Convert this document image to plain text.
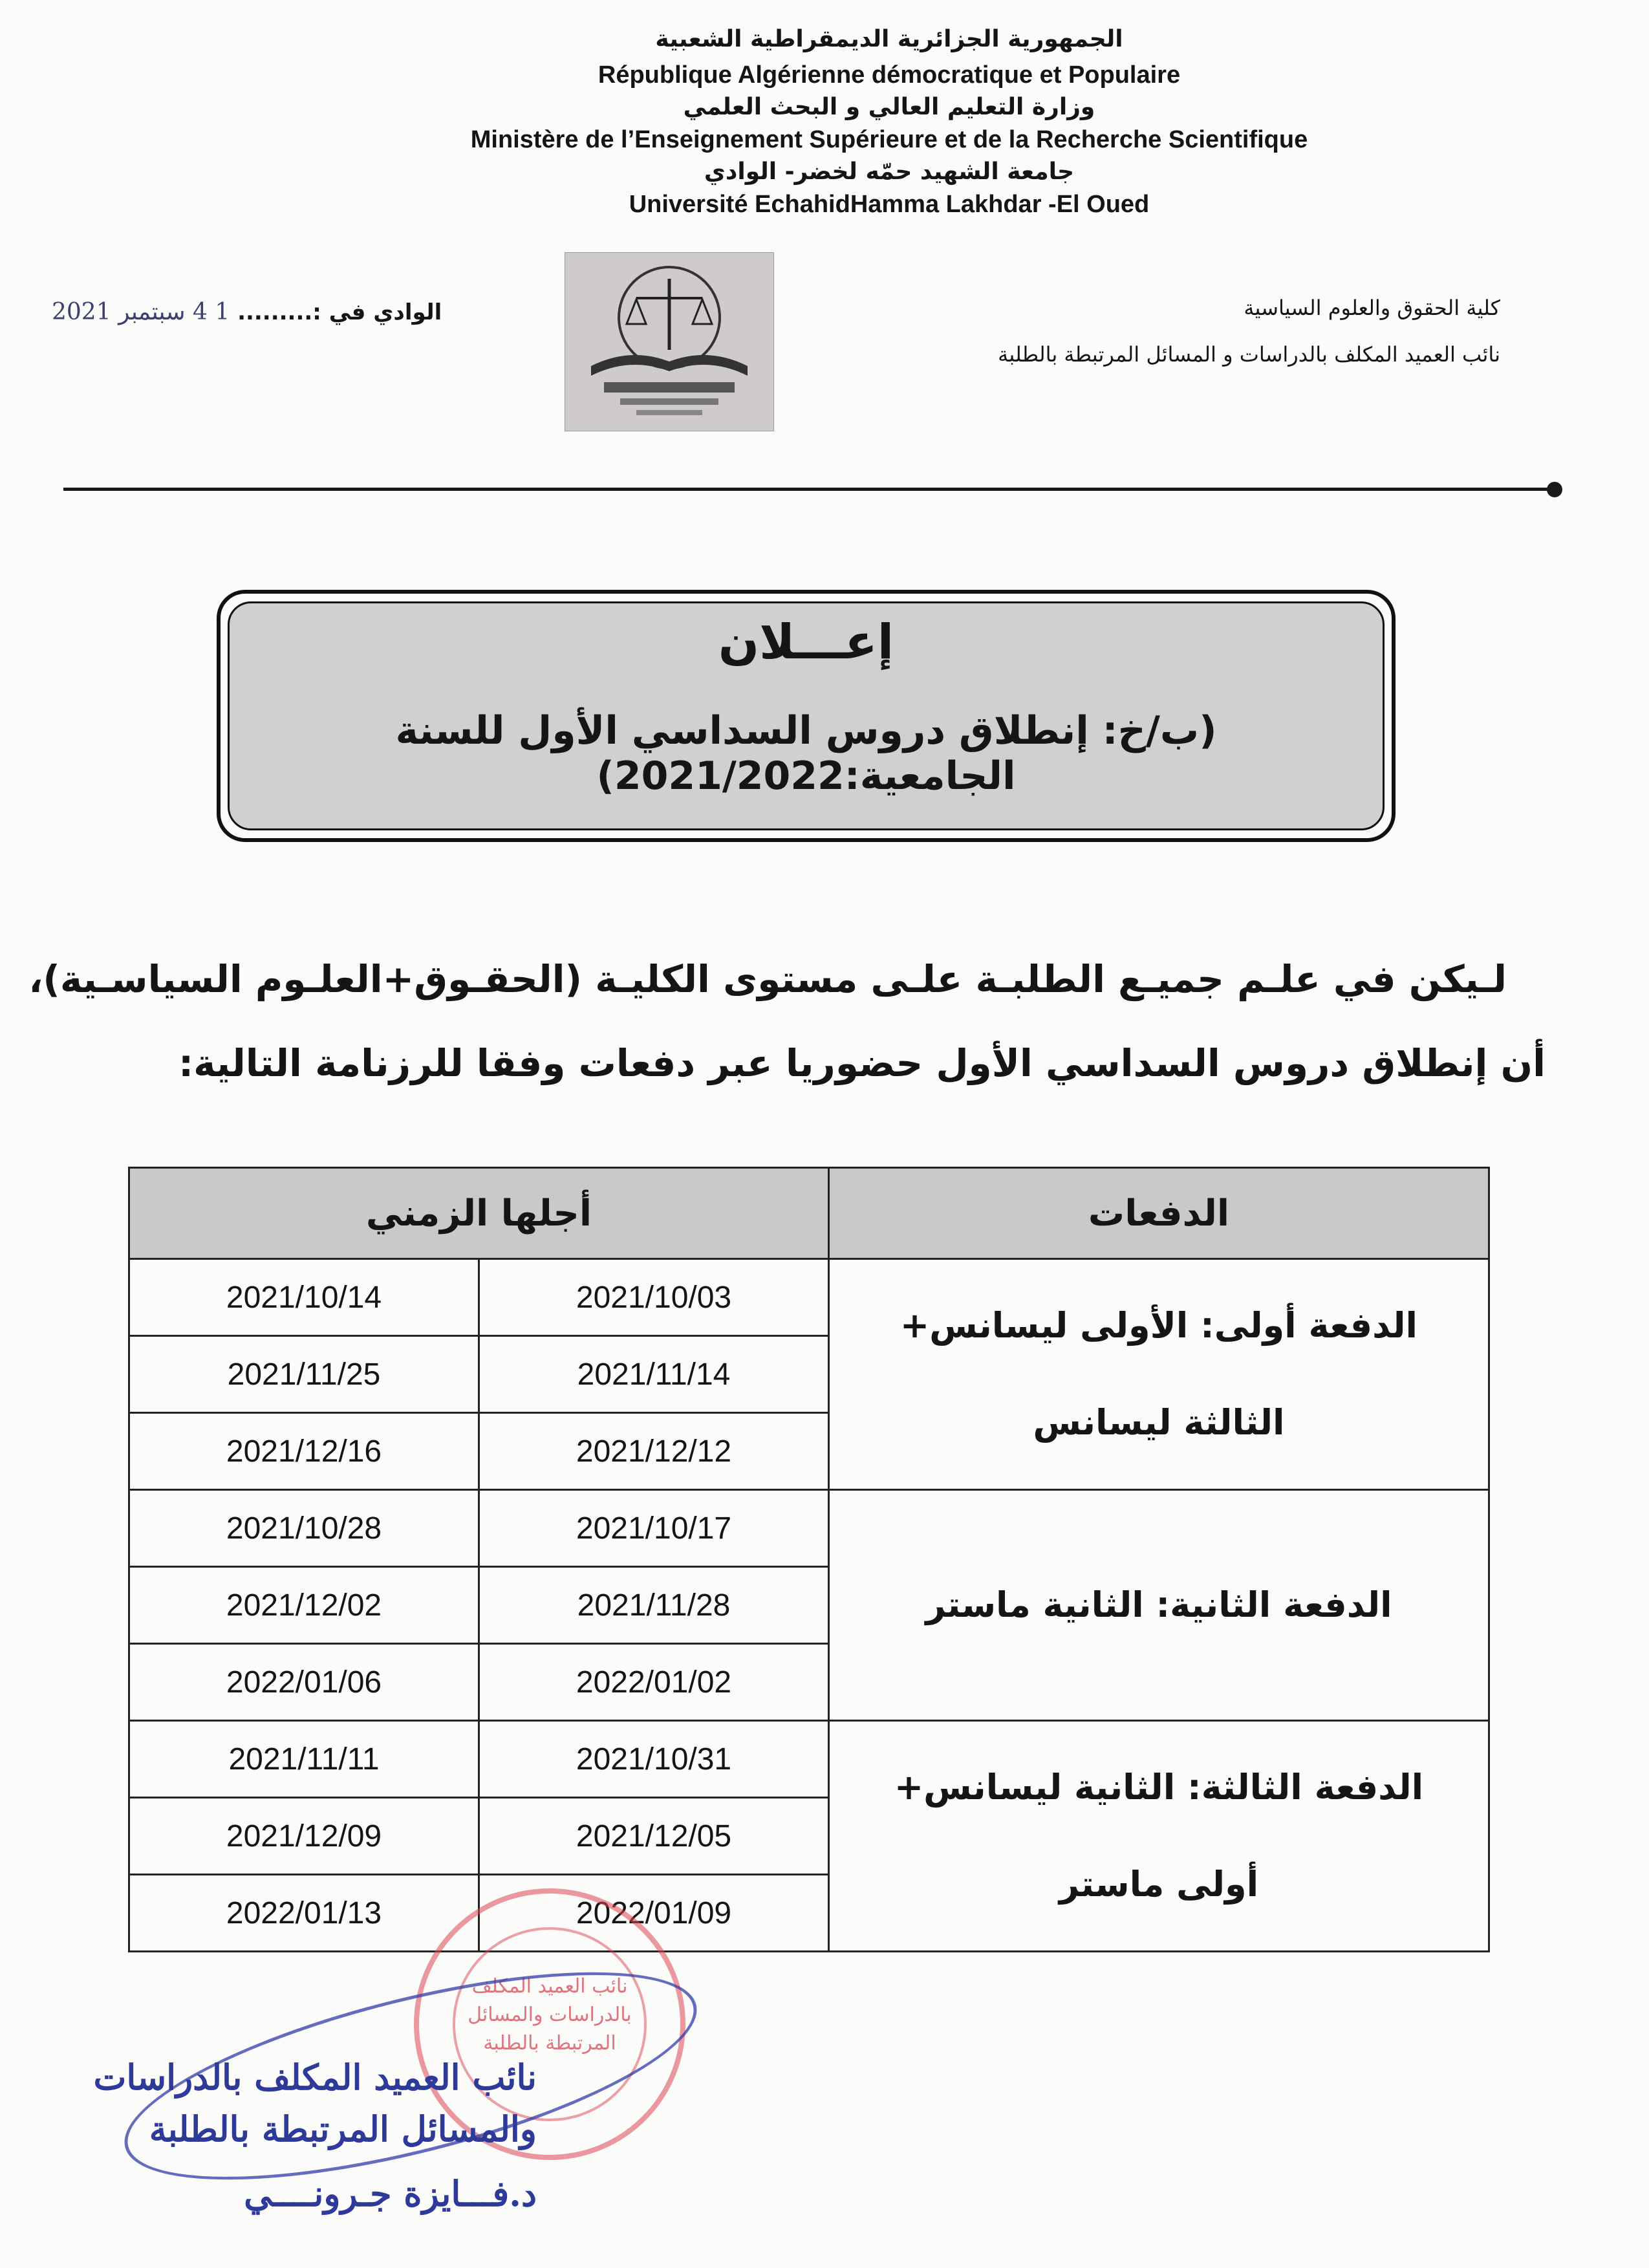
الجمهورية الجزائرية الديمقراطية الشعبية
République Algérienne démocratique et Populaire
وزارة التعليم العالي و البحث العلمي
Ministère de l’Enseignement Supérieure et de la Recherche Scientifique
جامعة الشهيد حمّه لخضر- الوادي
Université EchahidHamma Lakhdar -El Oued
كلية الحقوق والعلوم السياسية
نائب العميد المكلف بالدراسات و المسائل المرتبطة بالطلبة
الوادي في :......... 1 4 سبتمبر 2021
إعـــلان
(ب/خ: إنطلاق دروس السداسي الأول للسنة الجامعية:2021/2022)
لـيكن في علـم جميـع الطلبـة علـى مستوى الكليـة (الحقـوق+العلـوم السياسـية)،
أن إنطلاق دروس السداسي الأول حضوريا عبر دفعات وفقا للرزنامة التالية:
أجلها الزمني		الدفعات
2021/10/14	2021/10/03	الدفعة أولى: الأولى ليسانس+ الثالثة ليسانس
2021/11/25	2021/11/14	
2021/12/16	2021/12/12	
2021/10/28	2021/10/17	الدفعة الثانية: الثانية ماستر
2021/12/02	2021/11/28	
2022/01/06	2022/01/02	
2021/11/11	2021/10/31	الدفعة الثالثة: الثانية ليسانس+ أولى ماستر
2021/12/09	2021/12/05	
2022/01/13	2022/01/09	
نائب العميد المكلف بالدراسات والمسائل المرتبطة بالطلبة
نائب العميد المكلف بالدراسات
والمسائل المرتبطة بالطلبة
د.فـــايزة جـرونــــي
